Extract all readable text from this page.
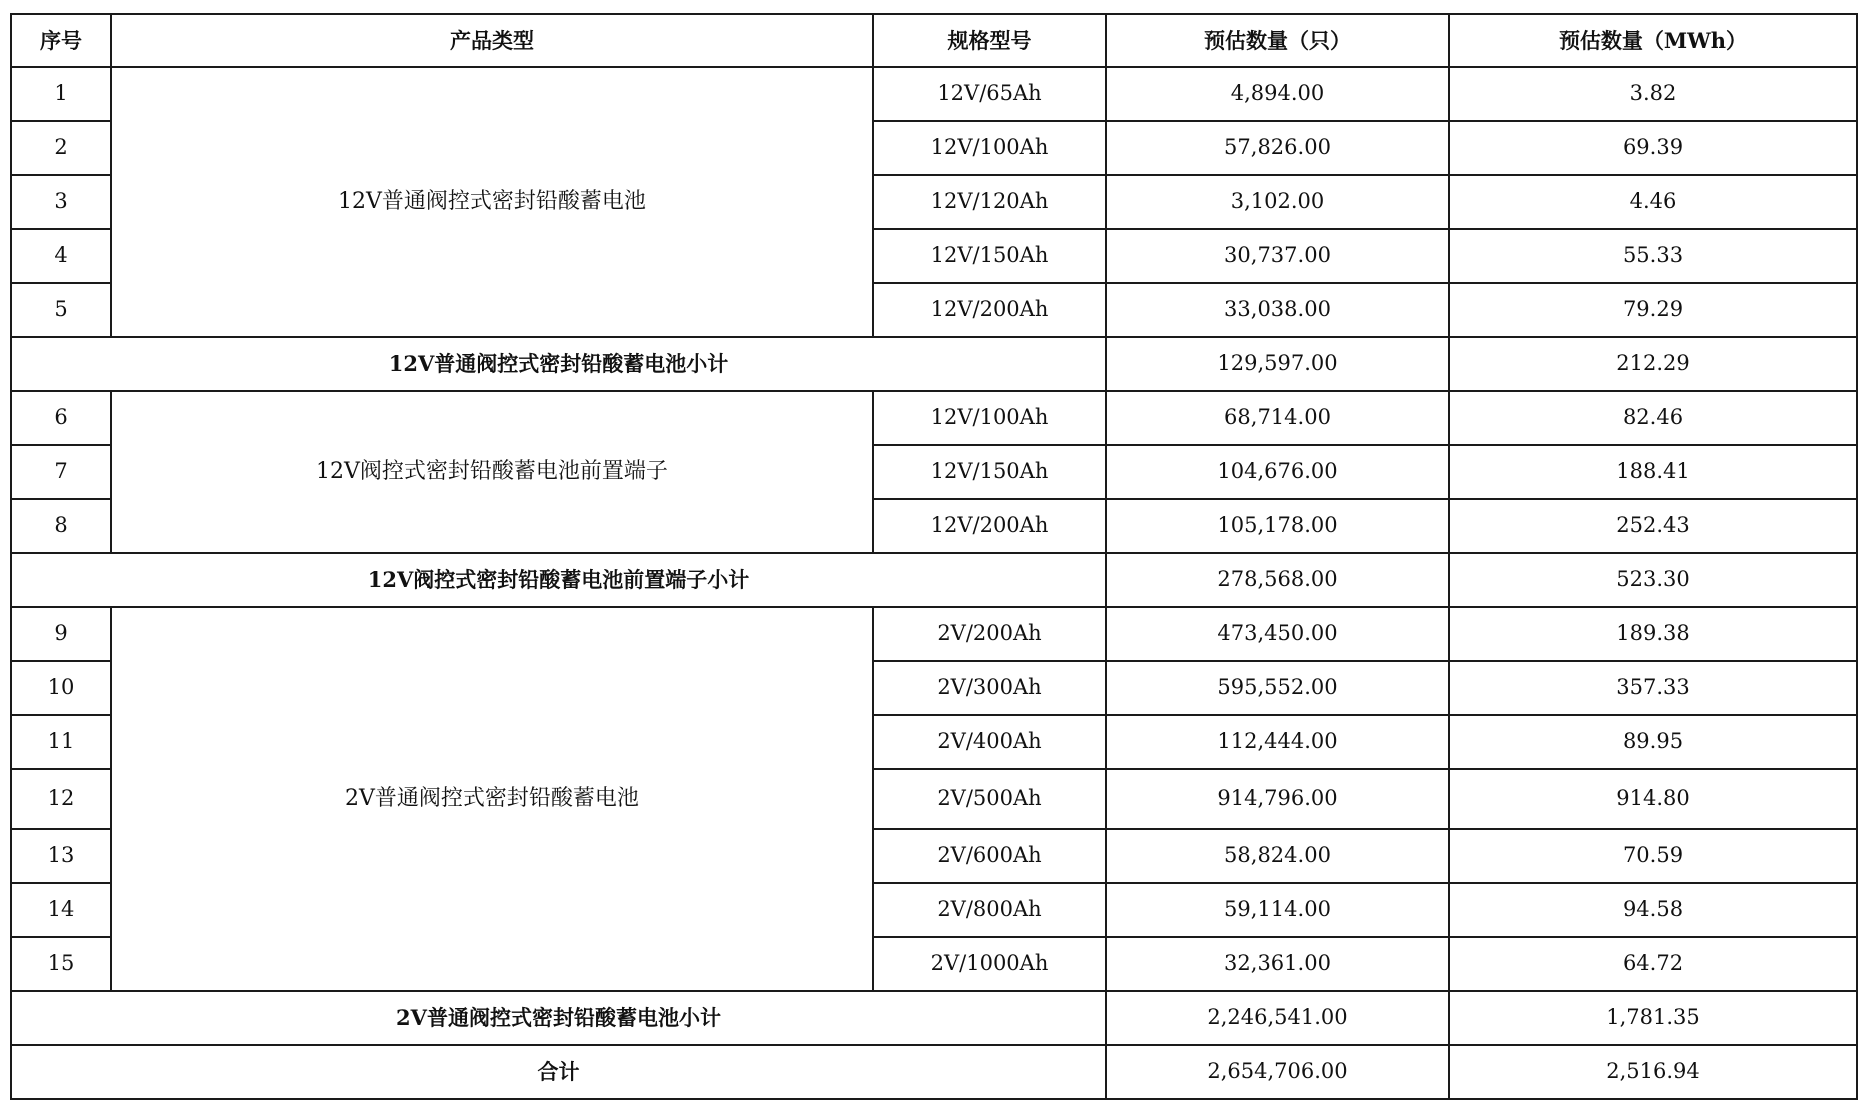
序号	产品类型	规格型号	预估数量（只）	预估数量（MWh）
1	12V普通阀控式密封铅酸蓄电池	12V/65Ah	4,894.00	3.82
2		12V/100Ah	57,826.00	69.39
3		12V/120Ah	3,102.00	4.46
4		12V/150Ah	30,737.00	55.33
5		12V/200Ah	33,038.00	79.29
12V普通阀控式密封铅酸蓄电池小计			129,597.00	212.29
6	12V阀控式密封铅酸蓄电池前置端子	12V/100Ah	68,714.00	82.46
7		12V/150Ah	104,676.00	188.41
8		12V/200Ah	105,178.00	252.43
12V阀控式密封铅酸蓄电池前置端子小计			278,568.00	523.30
9	2V普通阀控式密封铅酸蓄电池	2V/200Ah	473,450.00	189.38
10		2V/300Ah	595,552.00	357.33
11		2V/400Ah	112,444.00	89.95
12		2V/500Ah	914,796.00	914.80
13		2V/600Ah	58,824.00	70.59
14		2V/800Ah	59,114.00	94.58
15		2V/1000Ah	32,361.00	64.72
2V普通阀控式密封铅酸蓄电池小计			2,246,541.00	1,781.35
合计			2,654,706.00	2,516.94
